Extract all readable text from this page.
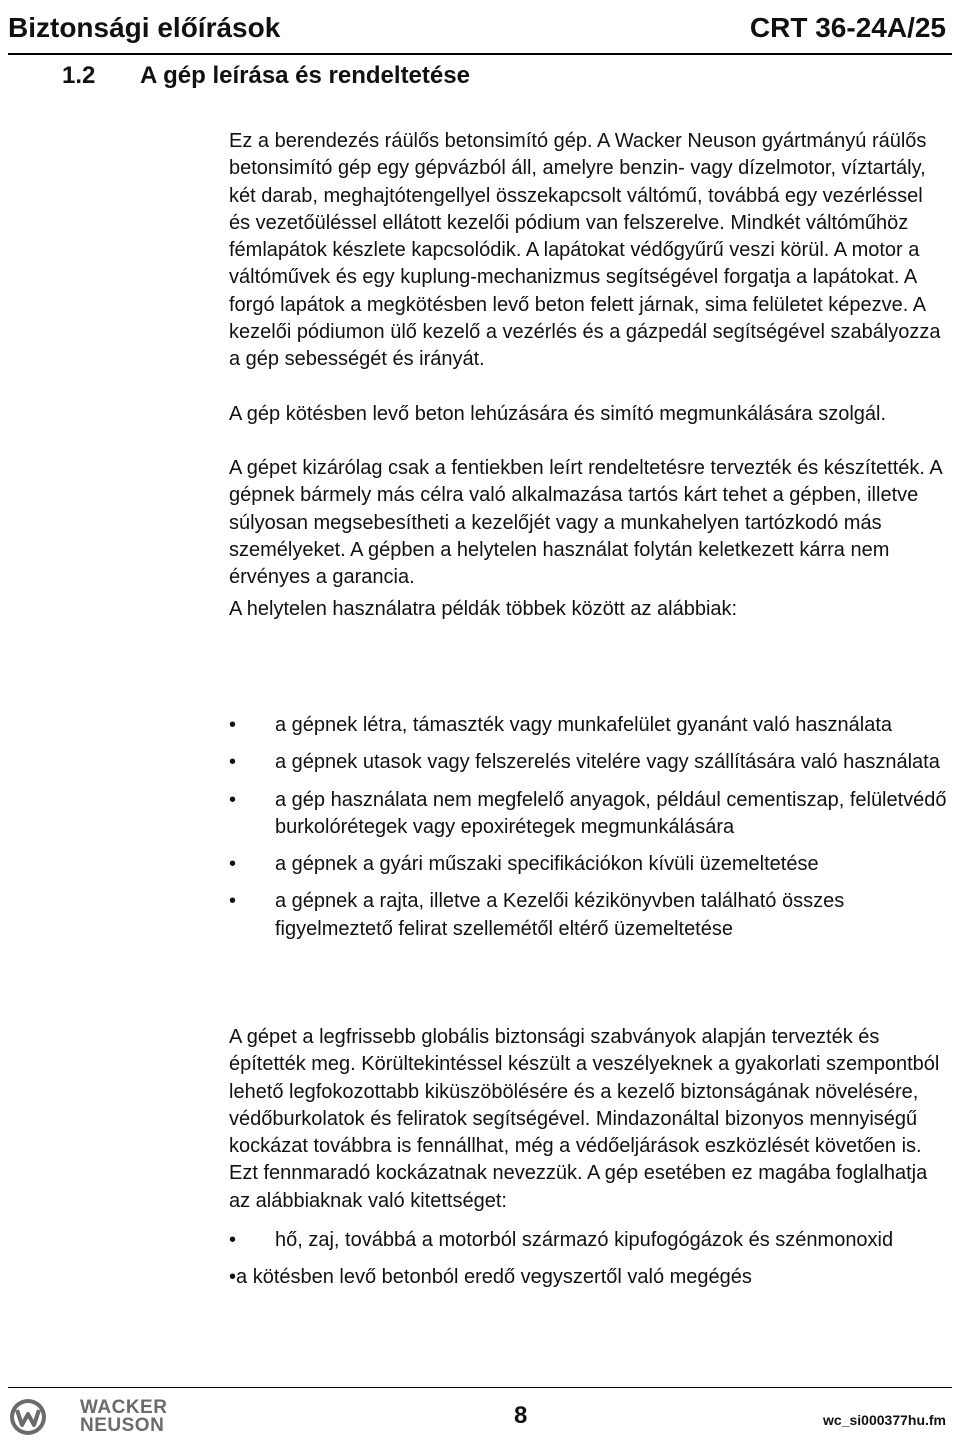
Biztonsági előírások	CRT 36-24A/25
1.2 A gép leírása és rendeltetése

Ez a berendezés ráülős betonsimító gép. A Wacker Neuson gyártmányú ráülős betonsimító gép egy gépvázból áll, amelyre benzin- vagy dízelmotor, víztartály, két darab, meghajtótengellyel összekapcsolt váltómű, továbbá egy vezérléssel és vezetőüléssel ellátott kezelői pódium van felszerelve. Mindkét váltóműhöz fémlapátok készlete kapcsolódik. A lapátokat védőgyűrű veszi körül. A motor a váltóművek és egy kuplung-mechanizmus segítségével forgatja a lapátokat. A forgó lapátok a megkötésben levő beton felett járnak, sima felületet képezve. A kezelői pódiumon ülő kezelő a vezérlés és a gázpedál segítségével szabályozza a gép sebességét és irányát.

A gép kötésben levő beton lehúzására és simító megmunkálására szolgál.

A gépet kizárólag csak a fentiekben leírt rendeltetésre tervezték és készítették. A gépnek bármely más célra való alkalmazása tartós kárt tehet a gépben, illetve súlyosan megsebesítheti a kezelőjét vagy a munkahelyen tartózkodó más személyeket. A gépben a helytelen használat folytán keletkezett kárra nem érvényes a garancia.

A helytelen használatra példák többek között az alábbiak:

• a gépnek létra, támaszték vagy munkafelület gyanánt való használata
• a gépnek utasok vagy felszerelés vitelére vagy szállítására való használata
• a gép használata nem megfelelő anyagok, például cementiszap, felületvédő burkolórétegek vagy epoxirétegek megmunkálására
• a gépnek a gyári műszaki specifikációkon kívüli üzemeltetése
• a gépnek a rajta, illetve a Kezelői kézikönyvben található összes figyelmeztető felirat szellemétől eltérő üzemeltetése

A gépet a legfrissebb globális biztonsági szabványok alapján tervezték és építették meg. Körültekintéssel készült a veszélyeknek a gyakorlati szempontból lehető legfokozottabb kiküszöbölésére és a kezelő biztonságának növelésére, védőburkolatok és feliratok segítségével. Mindazonáltal bizonyos mennyiségű kockázat továbbra is fennállhat, még a védőeljárások eszközlését követően is. Ezt fennmaradó kockázatnak nevezzük. A gép esetében ez magába foglalhatja az alábbiaknak való kitettséget:

• hő, zaj, továbbá a motorból származó kipufogógázok és szénmonoxid
•a kötésben levő betonból eredő vegyszertől való megégés
WACKER
NEUSON	8	wc_si000377hu.fm
